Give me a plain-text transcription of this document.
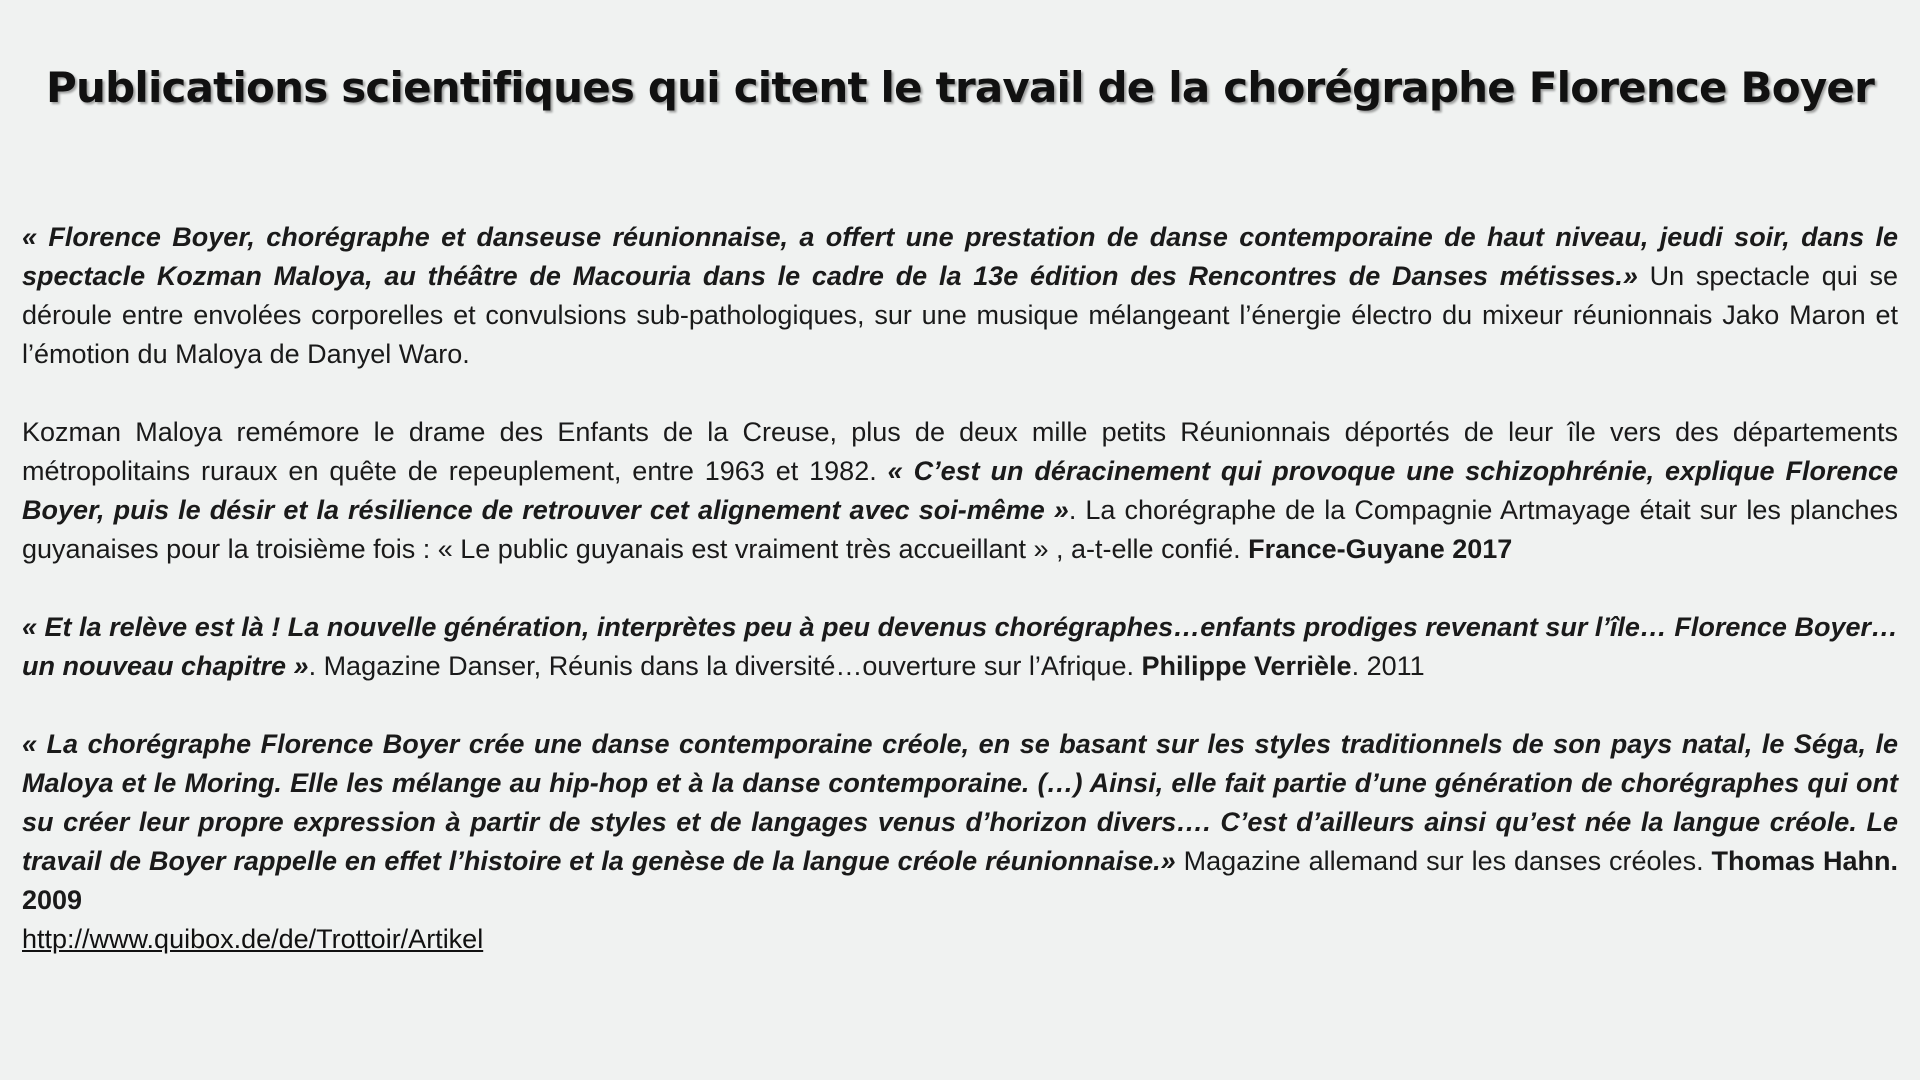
Publications scientifiques qui citent le travail de la chorégraphe Florence Boyer

« Florence Boyer, chorégraphe et danseuse réunionnaise, a offert une prestation de danse contemporaine de haut niveau, jeudi soir, dans le spectacle Kozman Maloya, au théâtre de Macouria dans le cadre de la 13e édition des Rencontres de Danses métisses.» Un spectacle qui se déroule entre envolées corporelles et convulsions sub-pathologiques, sur une musique mélangeant l’énergie électro du mixeur réunionnais Jako Maron et l’émotion du Maloya de Danyel Waro.

Kozman Maloya remémore le drame des Enfants de la Creuse, plus de deux mille petits Réunionnais déportés de leur île vers des départements métropolitains ruraux en quête de repeuplement, entre 1963 et 1982. « C’est un déracinement qui provoque une schizophrénie, explique Florence Boyer, puis le désir et la résilience de retrouver cet alignement avec soi-même ». La chorégraphe de la Compagnie Artmayage était sur les planches guyanaises pour la troisième fois : « Le public guyanais est vraiment très accueillant » , a-t-elle confié. France-Guyane 2017

« Et la relève est là ! La nouvelle génération, interprètes peu à peu devenus chorégraphes…enfants prodiges revenant sur l’île… Florence Boyer…un nouveau chapitre ». Magazine Danser, Réunis dans la diversité…ouverture sur l’Afrique. Philippe Verrièle. 2011

« La chorégraphe Florence Boyer crée une danse contemporaine créole, en se basant sur les styles traditionnels de son pays natal, le Séga, le Maloya et le Moring. Elle les mélange au hip-hop et à la danse contemporaine. (…) Ainsi, elle fait partie d’une génération de chorégraphes qui ont su créer leur propre expression à partir de styles et de langages venus d’horizon divers…. C’est d’ailleurs ainsi qu’est née la langue créole. Le travail de Boyer rappelle en effet l’histoire et la genèse de la langue créole réunionnaise.» Magazine allemand sur les danses créoles. Thomas Hahn. 2009
http://www.quibox.de/de/Trottoir/Artikel
